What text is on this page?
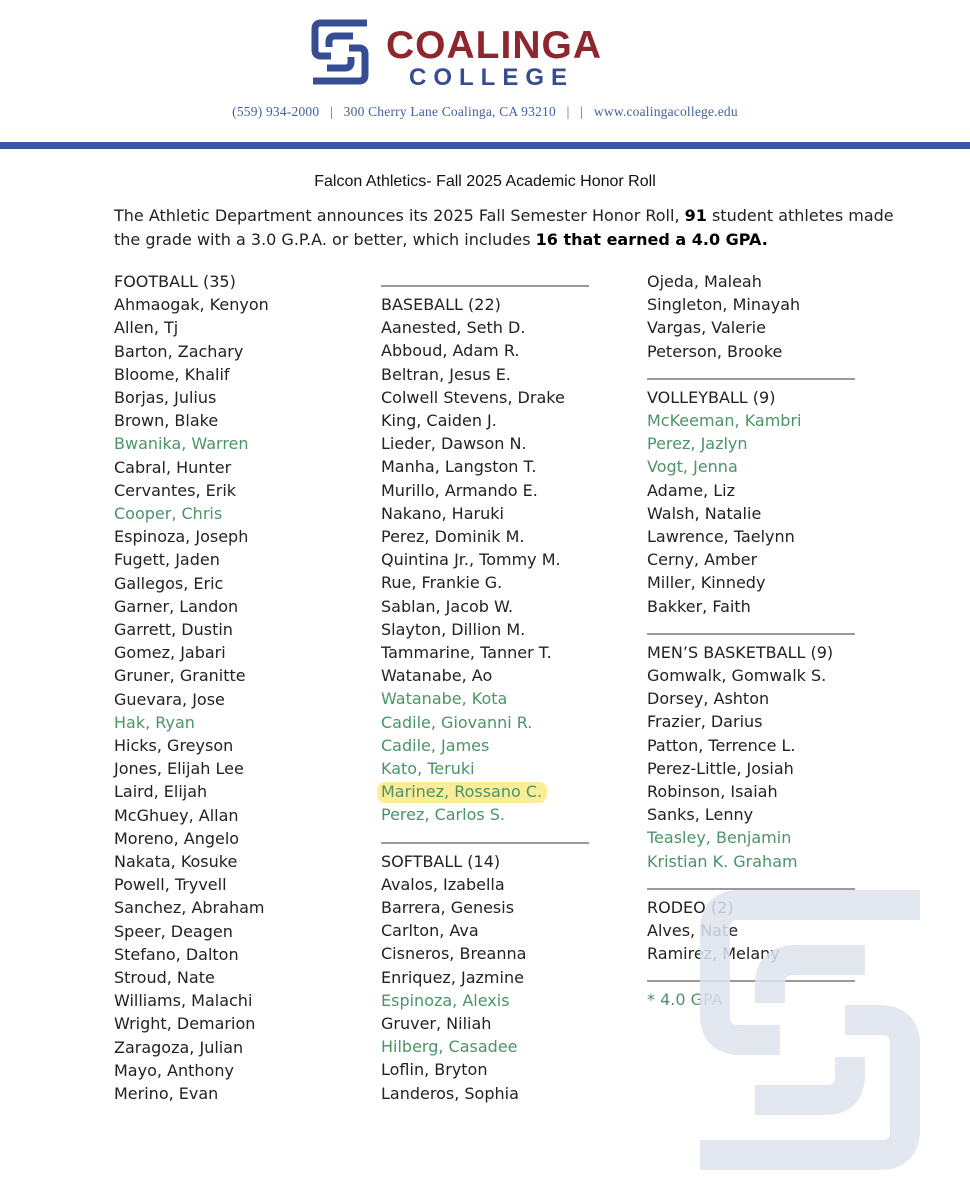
COALINGA
COLLEGE
(559) 934-2000   |   300 Cherry Lane Coalinga, CA 93210   |   |   www.coalingacollege.edu
Falcon Athletics- Fall 2025 Academic Honor Roll
The Athletic Department announces its 2025 Fall Semester Honor Roll, 91 student athletes made the grade with a 3.0 G.P.A. or better, which includes 16 that earned a 4.0 GPA.
FOOTBALL (35)
Ahmaogak, Kenyon
Allen, Tj
Barton, Zachary
Bloome, Khalif
Borjas, Julius
Brown, Blake
Bwanika, Warren
Cabral, Hunter
Cervantes, Erik
Cooper, Chris
Espinoza, Joseph
Fugett, Jaden
Gallegos, Eric
Garner, Landon
Garrett, Dustin
Gomez, Jabari
Gruner, Granitte
Guevara, Jose
Hak, Ryan
Hicks, Greyson
Jones, Elijah Lee
Laird, Elijah
McGhuey, Allan
Moreno, Angelo
Nakata, Kosuke
Powell, Tryvell
Sanchez, Abraham
Speer, Deagen
Stefano, Dalton
Stroud, Nate
Williams, Malachi
Wright, Demarion
Zaragoza, Julian
Mayo, Anthony
Merino, Evan
BASEBALL (22)
Aanested, Seth D.
Abboud, Adam R.
Beltran, Jesus E.
Colwell Stevens, Drake
King, Caiden J.
Lieder, Dawson N.
Manha, Langston T.
Murillo, Armando E.
Nakano, Haruki
Perez, Dominik M.
Quintina Jr., Tommy M.
Rue, Frankie G.
Sablan, Jacob W.
Slayton, Dillion M.
Tammarine, Tanner T.
Watanabe, Ao
Watanabe, Kota
Cadile, Giovanni R.
Cadile, James
Kato, Teruki
Marinez, Rossano C.
Perez, Carlos S.
SOFTBALL (14)
Avalos, Izabella
Barrera, Genesis
Carlton, Ava
Cisneros, Breanna
Enriquez, Jazmine
Espinoza, Alexis
Gruver, Niliah
Hilberg, Casadee
Loflin, Bryton
Landeros, Sophia
Ojeda, Maleah
Singleton, Minayah
Vargas, Valerie
Peterson, Brooke
VOLLEYBALL (9)
McKeeman, Kambri
Perez, Jazlyn
Vogt, Jenna
Adame, Liz
Walsh, Natalie
Lawrence, Taelynn
Cerny, Amber
Miller, Kinnedy
Bakker, Faith
MEN’S BASKETBALL (9)
Gomwalk, Gomwalk S.
Dorsey, Ashton
Frazier, Darius
Patton, Terrence L.
Perez-Little, Josiah
Robinson, Isaiah
Sanks, Lenny
Teasley, Benjamin
Kristian K. Graham
RODEO (2)
Alves, Nate
Ramirez, Melany
* 4.0 GPA
